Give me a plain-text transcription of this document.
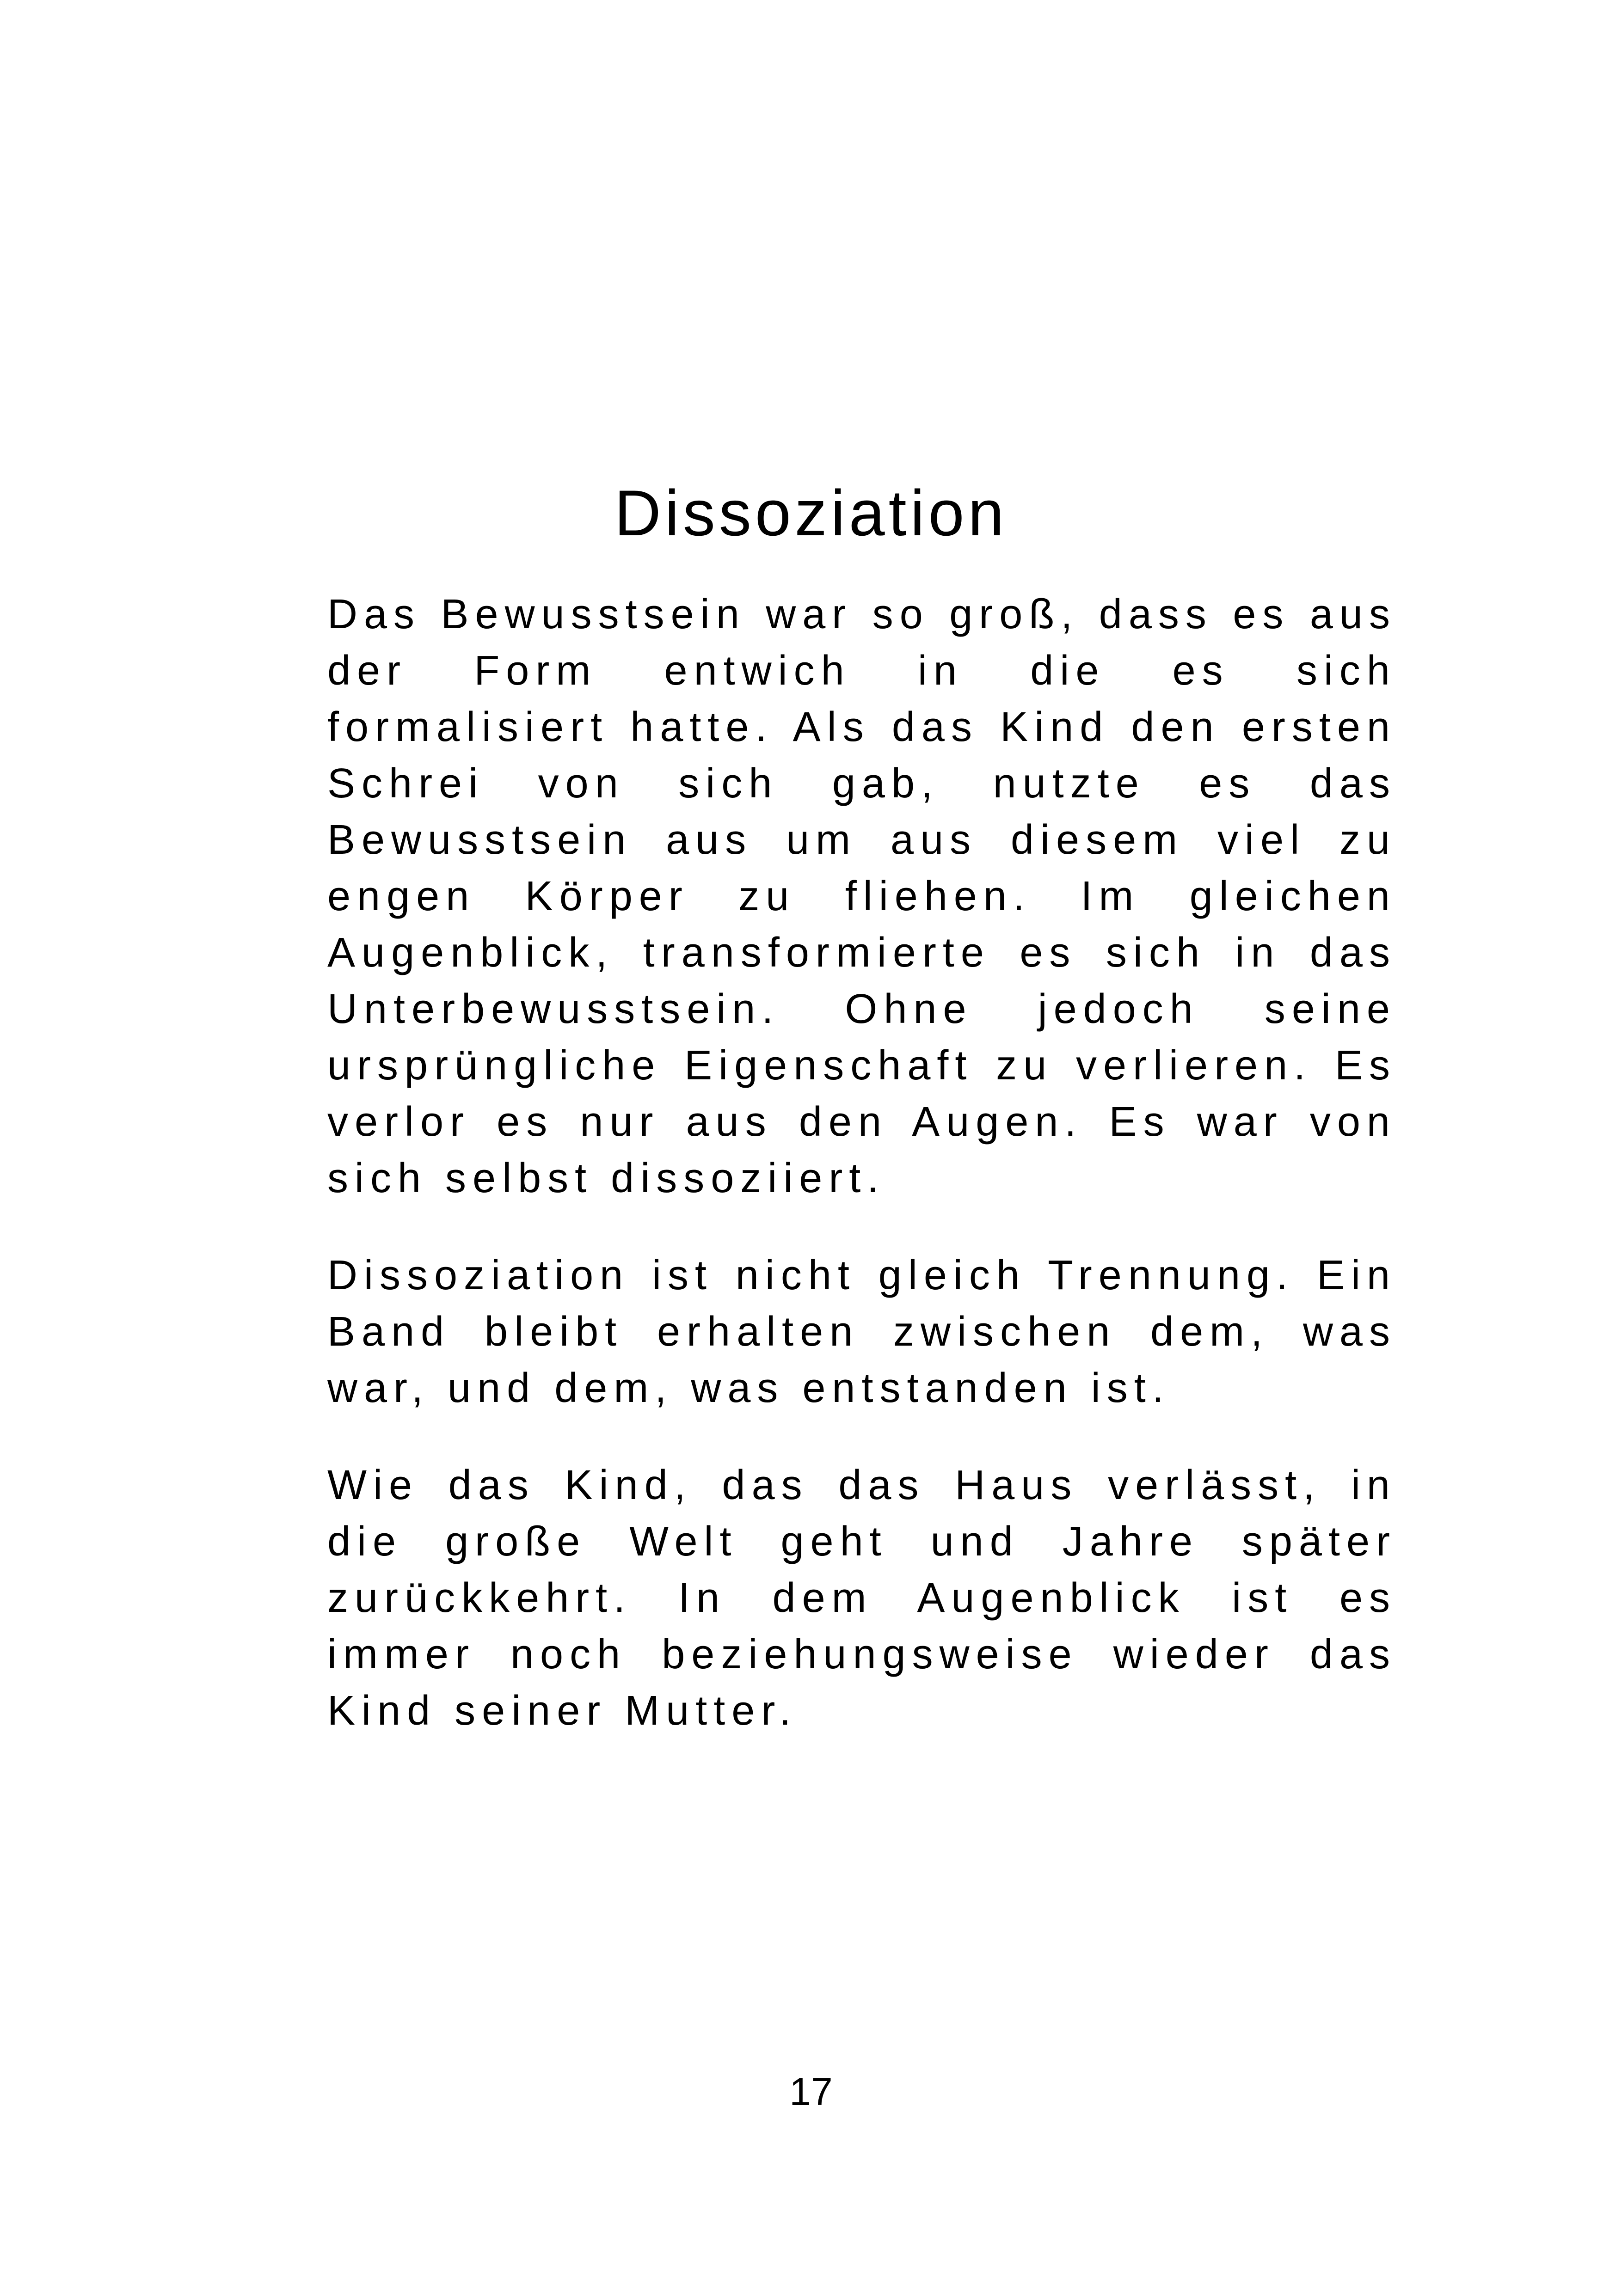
Dissoziation

Das Bewusstsein war so groß, dass es aus der Form entwich in die es sich formalisiert hatte. Als das Kind den ersten Schrei von sich gab, nutzte es das Bewusstsein aus um aus diesem viel zu engen Körper zu fliehen. Im gleichen Augenblick, transformierte es sich in das Unterbewusstsein. Ohne jedoch seine ursprüngliche Eigenschaft zu verlieren. Es verlor es nur aus den Augen. Es war von sich selbst dissoziiert.

Dissoziation ist nicht gleich Trennung. Ein Band bleibt erhalten zwischen dem, was war, und dem, was entstanden ist.

Wie das Kind, das das Haus verlässt, in die große Welt geht und Jahre später zurückkehrt. In dem Augenblick ist es immer noch beziehungsweise wieder das Kind seiner Mutter.

17
